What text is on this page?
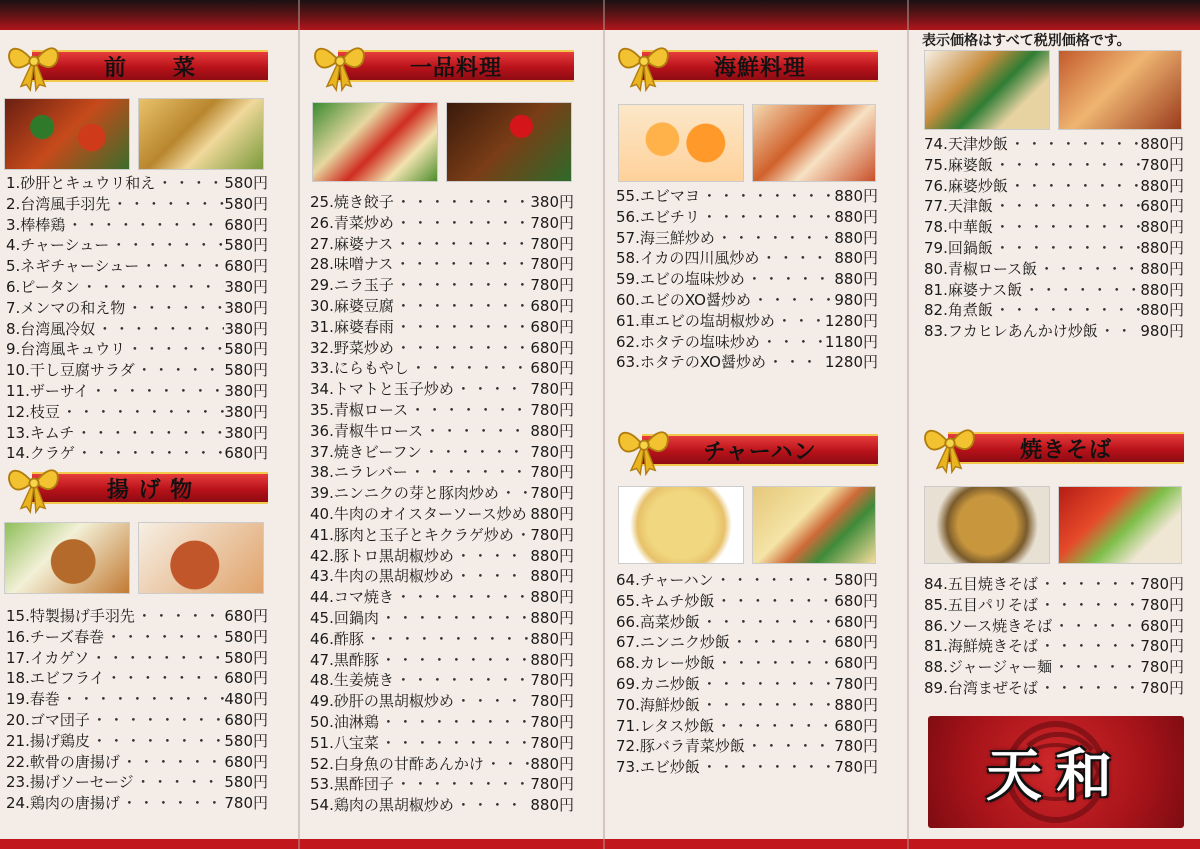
前　　菜
1.砂肝とキュウリ和え ・・・・・・・・・・・・・・・・・・・・・・・	580円
2.台湾風手羽先 ・・・・・・・・・・・・・・・・・・・・・・・	580円
3.棒棒鶏 ・・・・・・・・・・・・・・・・・・・・・・・	680円
4.チャーシュー ・・・・・・・・・・・・・・・・・・・・・・・	580円
5.ネギチャーシュー ・・・・・・・・・・・・・・・・・・・・・・・	680円
6.ピータン ・・・・・・・・・・・・・・・・・・・・・・・	380円
7.メンマの和え物 ・・・・・・・・・・・・・・・・・・・・・・・	380円
8.台湾風冷奴 ・・・・・・・・・・・・・・・・・・・・・・・	380円
9.台湾風キュウリ ・・・・・・・・・・・・・・・・・・・・・・・	580円
10.干し豆腐サラダ ・・・・・・・・・・・・・・・・・・・・・・・	580円
11.ザーサイ ・・・・・・・・・・・・・・・・・・・・・・・	380円
12.枝豆 ・・・・・・・・・・・・・・・・・・・・・・・	380円
13.キムチ ・・・・・・・・・・・・・・・・・・・・・・・	380円
14.クラゲ ・・・・・・・・・・・・・・・・・・・・・・・	680円
揚 げ 物
15.特製揚げ手羽先 ・・・・・・・・・・・・・・・・・・・・・・・	680円
16.チーズ春巻 ・・・・・・・・・・・・・・・・・・・・・・・	580円
17.イカゲソ ・・・・・・・・・・・・・・・・・・・・・・・	580円
18.エビフライ ・・・・・・・・・・・・・・・・・・・・・・・	680円
19.春巻 ・・・・・・・・・・・・・・・・・・・・・・・	480円
20.ゴマ団子 ・・・・・・・・・・・・・・・・・・・・・・・	680円
21.揚げ鶏皮 ・・・・・・・・・・・・・・・・・・・・・・・	580円
22.軟骨の唐揚げ ・・・・・・・・・・・・・・・・・・・・・・・	680円
23.揚げソーセージ ・・・・・・・・・・・・・・・・・・・・・・・	580円
24.鶏肉の唐揚げ ・・・・・・・・・・・・・・・・・・・・・・・	780円
一品料理
25.焼き餃子 ・・・・・・・・・・・・・・・・・・・・・・・	380円
26.青菜炒め ・・・・・・・・・・・・・・・・・・・・・・・	780円
27.麻婆ナス ・・・・・・・・・・・・・・・・・・・・・・・	780円
28.味噌ナス ・・・・・・・・・・・・・・・・・・・・・・・	780円
29.ニラ玉子 ・・・・・・・・・・・・・・・・・・・・・・・	780円
30.麻婆豆腐 ・・・・・・・・・・・・・・・・・・・・・・・	680円
31.麻婆春雨 ・・・・・・・・・・・・・・・・・・・・・・・	680円
32.野菜炒め ・・・・・・・・・・・・・・・・・・・・・・・	680円
33.にらもやし ・・・・・・・・・・・・・・・・・・・・・・・	680円
34.トマトと玉子炒め ・・・・・・・・・・・・・・・・・・・・・・・	780円
35.青椒ロース ・・・・・・・・・・・・・・・・・・・・・・・	780円
36.青椒牛ロース ・・・・・・・・・・・・・・・・・・・・・・・	880円
37.焼きビーフン ・・・・・・・・・・・・・・・・・・・・・・・	780円
38.ニラレバー ・・・・・・・・・・・・・・・・・・・・・・・	780円
39.ニンニクの芽と豚肉炒め ・・・・・・・・・・・・・・・・・・・・・・・ 780円
40.牛肉のオイスターソース炒め ・・・・・・・・・・・・・・・・・・・・・・・ 880円
41.豚肉と玉子とキクラゲ炒め ・・・・・・・・・・・・・・・・・・・・・・・ 780円
42.豚トロ黒胡椒炒め ・・・・・・・・・・・・・・・・・・・・・・・	880円
43.牛肉の黒胡椒炒め ・・・・・・・・・・・・・・・・・・・・・・・	880円
44.コマ焼き ・・・・・・・・・・・・・・・・・・・・・・・	880円
45.回鍋肉 ・・・・・・・・・・・・・・・・・・・・・・・	880円
46.酢豚 ・・・・・・・・・・・・・・・・・・・・・・・	880円
47.黒酢豚 ・・・・・・・・・・・・・・・・・・・・・・・	880円
48.生姜焼き ・・・・・・・・・・・・・・・・・・・・・・・	780円
49.砂肝の黒胡椒炒め ・・・・・・・・・・・・・・・・・・・・・・・	780円
50.油淋鶏 ・・・・・・・・・・・・・・・・・・・・・・・	780円
51.八宝菜 ・・・・・・・・・・・・・・・・・・・・・・・	780円
52.白身魚の甘酢あんかけ ・・・・・・・・・・・・・・・・・・・・・・・	880円
53.黒酢団子 ・・・・・・・・・・・・・・・・・・・・・・・	780円
54.鶏肉の黒胡椒炒め ・・・・・・・・・・・・・・・・・・・・・・・	880円
海鮮料理
55.エビマヨ ・・・・・・・・・・・・・・・・・・・・・・・	880円
56.エビチリ ・・・・・・・・・・・・・・・・・・・・・・・	880円
57.海三鮮炒め ・・・・・・・・・・・・・・・・・・・・・・・	880円
58.イカの四川風炒め ・・・・・・・・・・・・・・・・・・・・・・・	880円
59.エビの塩味炒め ・・・・・・・・・・・・・・・・・・・・・・・	880円
60.エビのXO醤炒め ・・・・・・・・・・・・・・・・・・・・・・・	980円
61.車エビの塩胡椒炒め ・・・・・・・・・・・・・・・・・・・・・・・	1280円
62.ホタテの塩味炒め ・・・・・・・・・・・・・・・・・・・・・・・	1180円
63.ホタテのXO醤炒め ・・・・・・・・・・・・・・・・・・・・・・・	1280円
チャーハン
64.チャーハン ・・・・・・・・・・・・・・・・・・・・・・・	580円
65.キムチ炒飯 ・・・・・・・・・・・・・・・・・・・・・・・	680円
66.高菜炒飯 ・・・・・・・・・・・・・・・・・・・・・・・	680円
67.ニンニク炒飯 ・・・・・・・・・・・・・・・・・・・・・・・	680円
68.カレー炒飯 ・・・・・・・・・・・・・・・・・・・・・・・	680円
69.カニ炒飯 ・・・・・・・・・・・・・・・・・・・・・・・	780円
70.海鮮炒飯 ・・・・・・・・・・・・・・・・・・・・・・・	880円
71.レタス炒飯 ・・・・・・・・・・・・・・・・・・・・・・・	680円
72.豚バラ青菜炒飯 ・・・・・・・・・・・・・・・・・・・・・・・	780円
73.エビ炒飯 ・・・・・・・・・・・・・・・・・・・・・・・	780円
表示価格はすべて税別価格です。
74.天津炒飯 ・・・・・・・・・・・・・・・・・・・・・・・	880円
75.麻婆飯 ・・・・・・・・・・・・・・・・・・・・・・・	780円
76.麻婆炒飯 ・・・・・・・・・・・・・・・・・・・・・・・	880円
77.天津飯 ・・・・・・・・・・・・・・・・・・・・・・・	680円
78.中華飯 ・・・・・・・・・・・・・・・・・・・・・・・	880円
79.回鍋飯 ・・・・・・・・・・・・・・・・・・・・・・・	880円
80.青椒ロース飯 ・・・・・・・・・・・・・・・・・・・・・・・	880円
81.麻婆ナス飯 ・・・・・・・・・・・・・・・・・・・・・・・	880円
82.角煮飯 ・・・・・・・・・・・・・・・・・・・・・・・	880円
83.フカヒレあんかけ炒飯 ・・・・・・・・・・・・・・・・・・・・・・・	980円
焼きそば
84.五目焼きそば ・・・・・・・・・・・・・・・・・・・・・・・	780円
85.五目パリそば ・・・・・・・・・・・・・・・・・・・・・・・	780円
86.ソース焼きそば ・・・・・・・・・・・・・・・・・・・・・・・	680円
81.海鮮焼きそば ・・・・・・・・・・・・・・・・・・・・・・・	780円
88.ジャージャー麺 ・・・・・・・・・・・・・・・・・・・・・・・	780円
89.台湾まぜそば ・・・・・・・・・・・・・・・・・・・・・・・	780円
天和
